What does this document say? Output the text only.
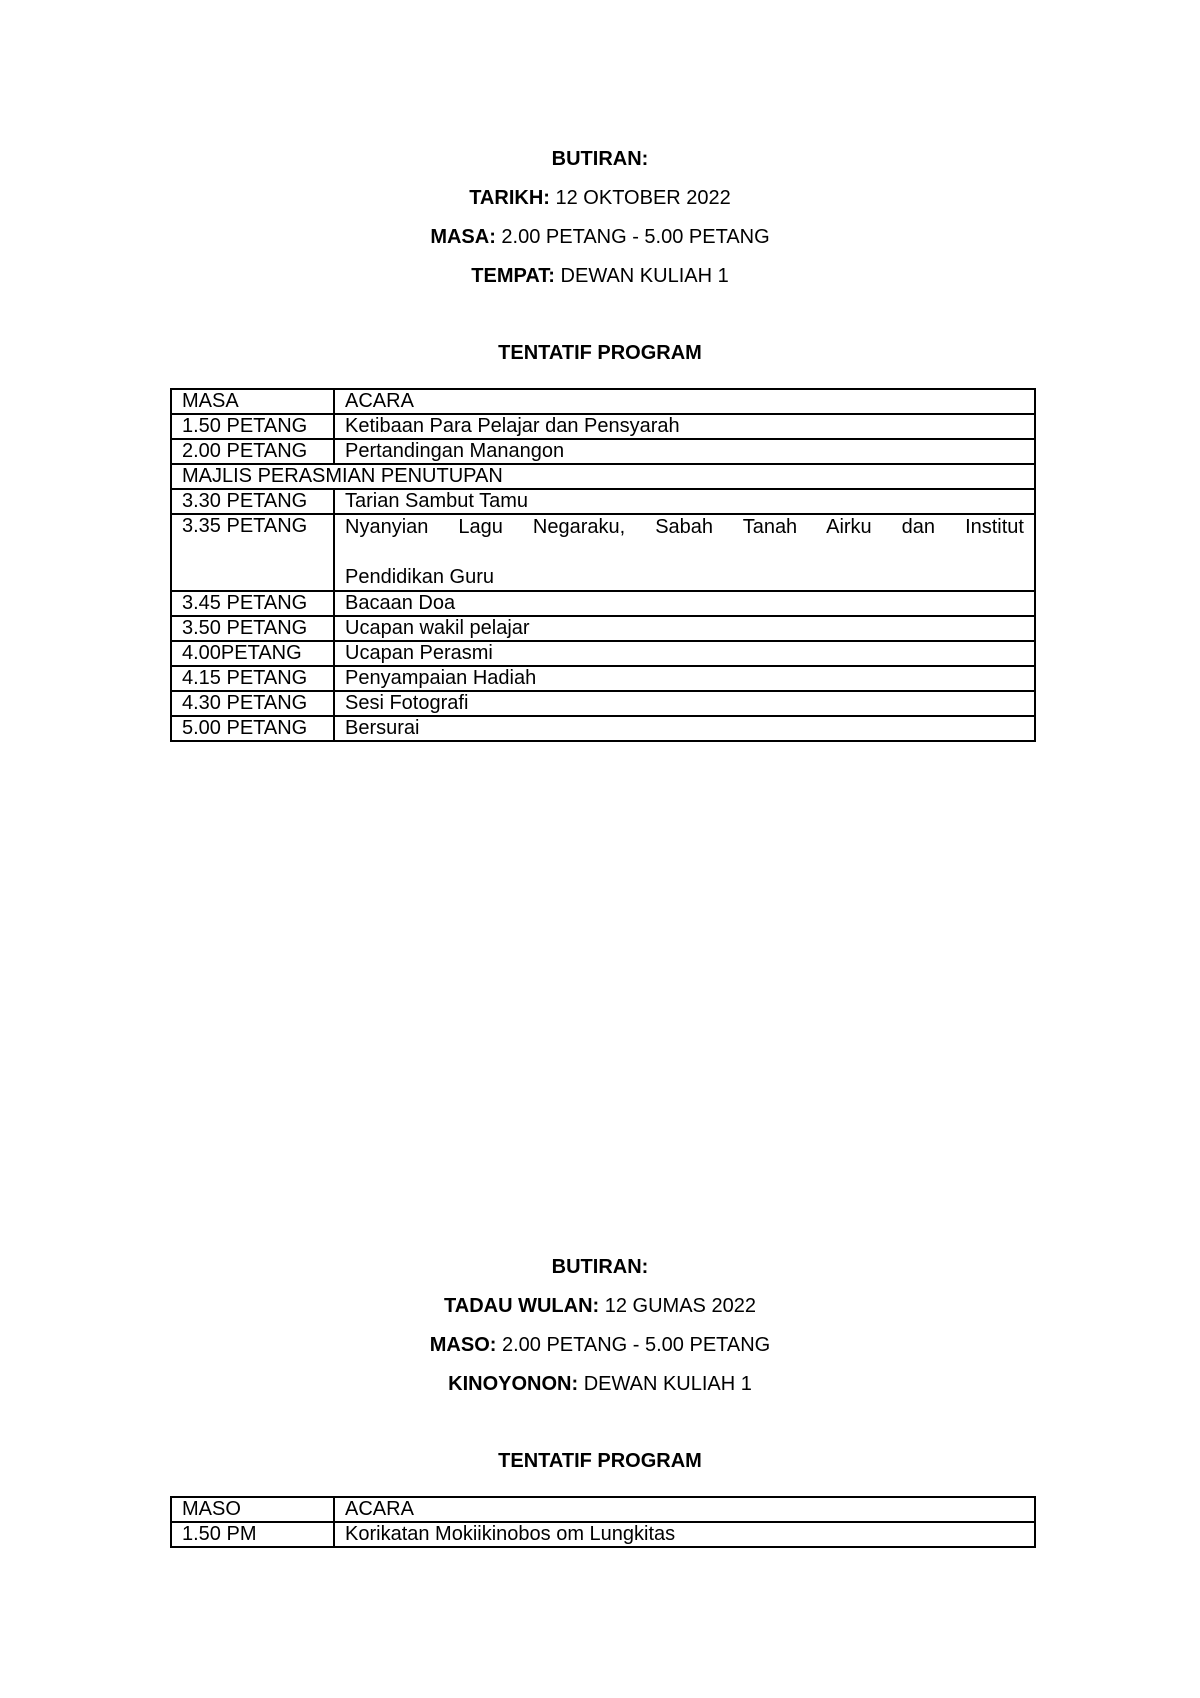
BUTIRAN:
TARIKH: 12 OKTOBER 2022
MASA: 2.00 PETANG - 5.00 PETANG
TEMPAT: DEWAN KULIAH 1
TENTATIF PROGRAM
MASA	ACARA
1.50 PETANG	Ketibaan Para Pelajar dan Pensyarah
2.00 PETANG	Pertandingan Manangon
MAJLIS PERASMIAN PENUTUPAN	
3.30 PETANG	Tarian Sambut Tamu
3.35 PETANG	Nyanyian Lagu Negaraku, Sabah Tanah Airku dan Institut
Pendidikan Guru

3.45 PETANG	Bacaan Doa
3.50 PETANG	Ucapan wakil pelajar
4.00PETANG	Ucapan Perasmi
4.15 PETANG	Penyampaian Hadiah
4.30 PETANG	Sesi Fotografi
5.00 PETANG	Bersurai
BUTIRAN:
TADAU WULAN: 12 GUMAS 2022
MASO: 2.00 PETANG - 5.00 PETANG
KINOYONON: DEWAN KULIAH 1
TENTATIF PROGRAM
MASO	ACARA
1.50 PM	Korikatan Mokiikinobos om Lungkitas
